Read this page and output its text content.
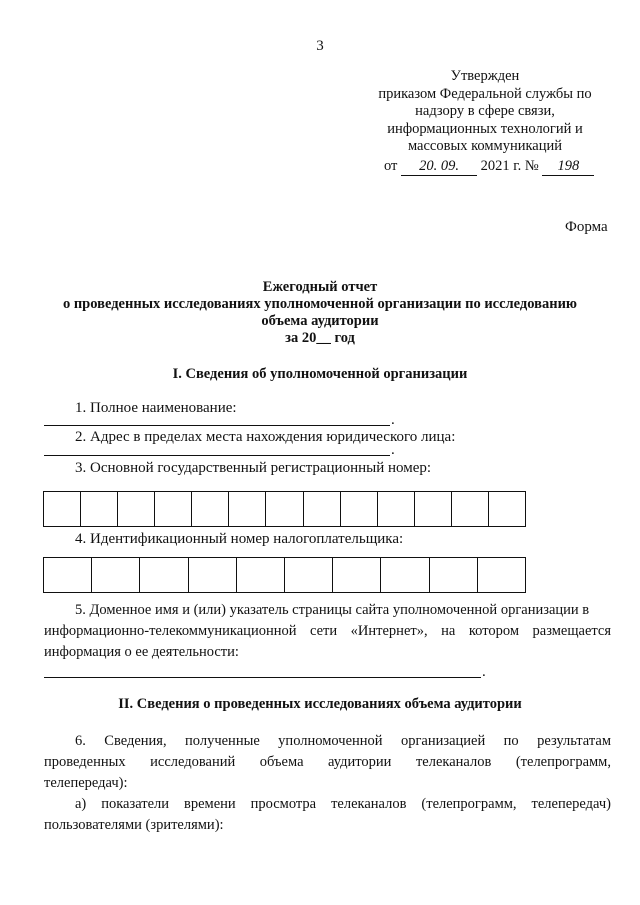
3
Утвержден
приказом Федеральной службы по
надзору в сфере связи,
информационных технологий и
массовых коммуникаций
от 20. 09. 2021 г. № 198
Форма
Ежегодный отчет
о проведенных исследованиях уполномоченной организации по исследованию
объема аудитории
за 20__ год
I. Сведения об уполномоченной организации
1. Полное наименование:
.
2. Адрес в пределах места нахождения юридического лица:
.
3. Основной государственный регистрационный номер:
4. Идентификационный номер налогоплательщика:
5. Доменное имя и (или) указатель страницы сайта уполномоченной организации в
информационно-телекоммуникационной сети «Интернет», на котором размещается
информация о ее деятельности:
.
II. Сведения о проведенных исследованиях объема аудитории
6. Сведения, полученные уполномоченной организацией по результатам
проведенных исследований объема аудитории телеканалов (телепрограмм,
телепередач):
а) показатели времени просмотра телеканалов (телепрограмм, телепередач)
пользователями (зрителями):
